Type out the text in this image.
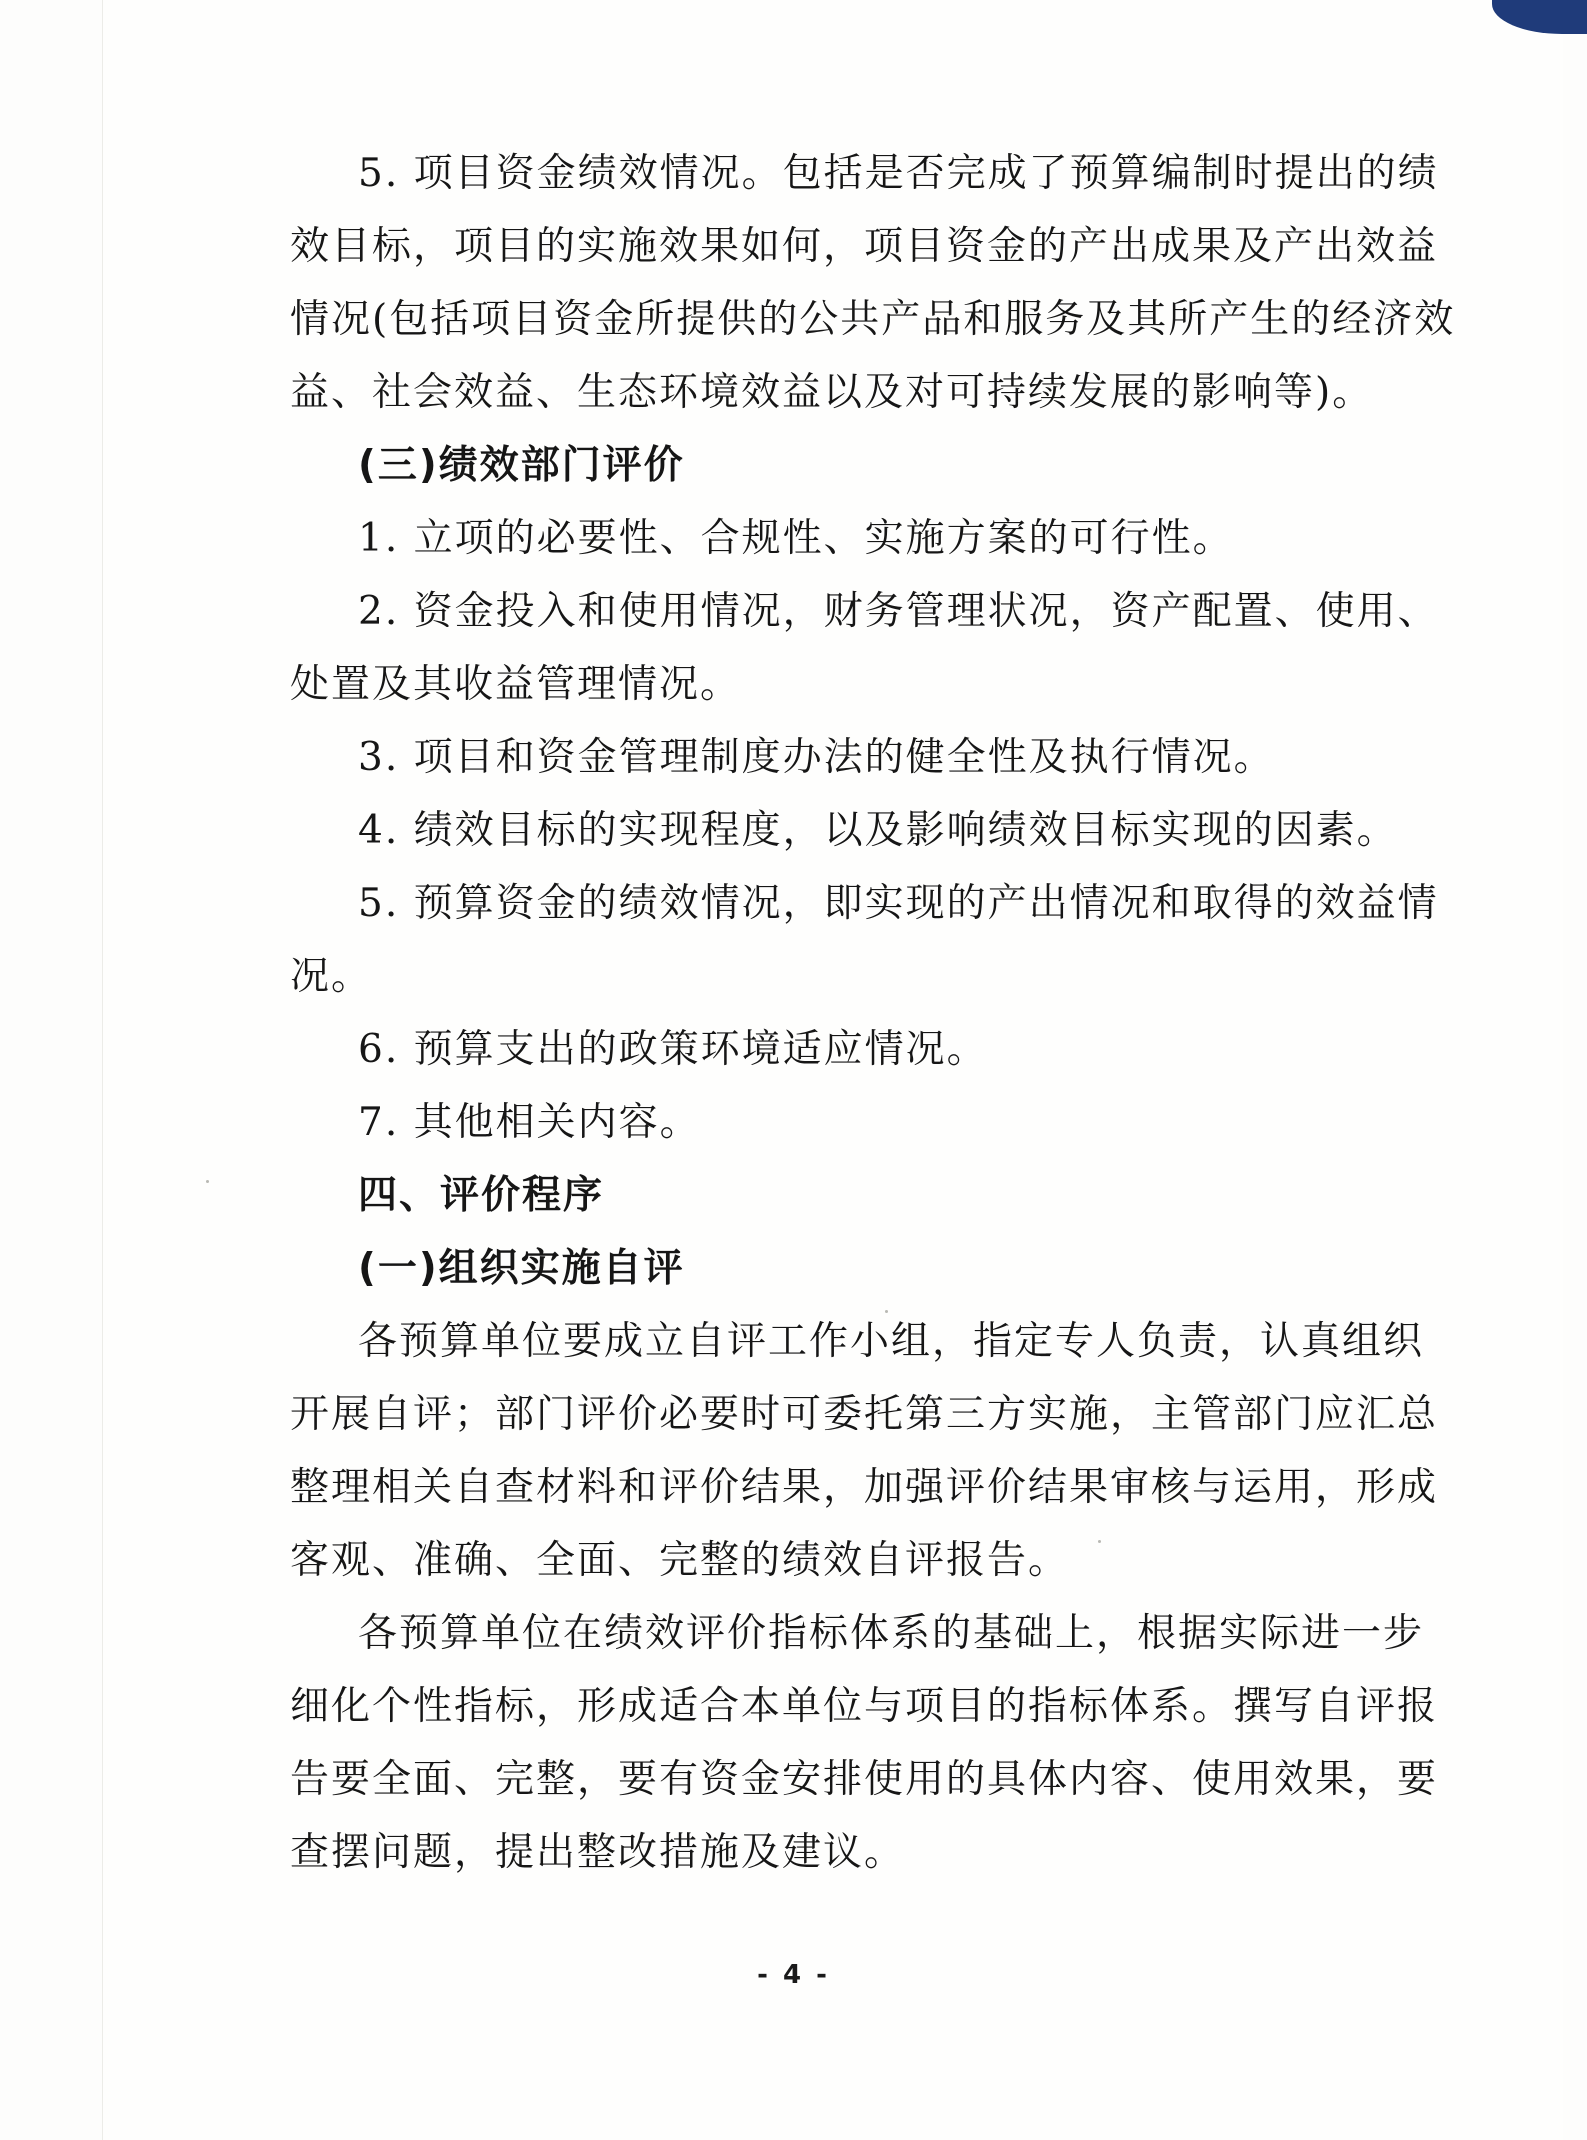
5. 项目资金绩效情况。包括是否完成了预算编制时提出的绩
效目标，项目的实施效果如何，项目资金的产出成果及产出效益
情况(包括项目资金所提供的公共产品和服务及其所产生的经济效
益、社会效益、生态环境效益以及对可持续发展的影响等)。
(三)绩效部门评价
1. 立项的必要性、合规性、实施方案的可行性。
2. 资金投入和使用情况，财务管理状况，资产配置、使用、
处置及其收益管理情况。
3. 项目和资金管理制度办法的健全性及执行情况。
4. 绩效目标的实现程度，以及影响绩效目标实现的因素。
5. 预算资金的绩效情况，即实现的产出情况和取得的效益情
况。
6. 预算支出的政策环境适应情况。
7. 其他相关内容。
四、评价程序
(一)组织实施自评
各预算单位要成立自评工作小组，指定专人负责，认真组织
开展自评；部门评价必要时可委托第三方实施，主管部门应汇总
整理相关自查材料和评价结果，加强评价结果审核与运用，形成
客观、准确、全面、完整的绩效自评报告。
各预算单位在绩效评价指标体系的基础上，根据实际进一步
细化个性指标，形成适合本单位与项目的指标体系。撰写自评报
告要全面、完整，要有资金安排使用的具体内容、使用效果，要
查摆问题，提出整改措施及建议。
- 4 -
